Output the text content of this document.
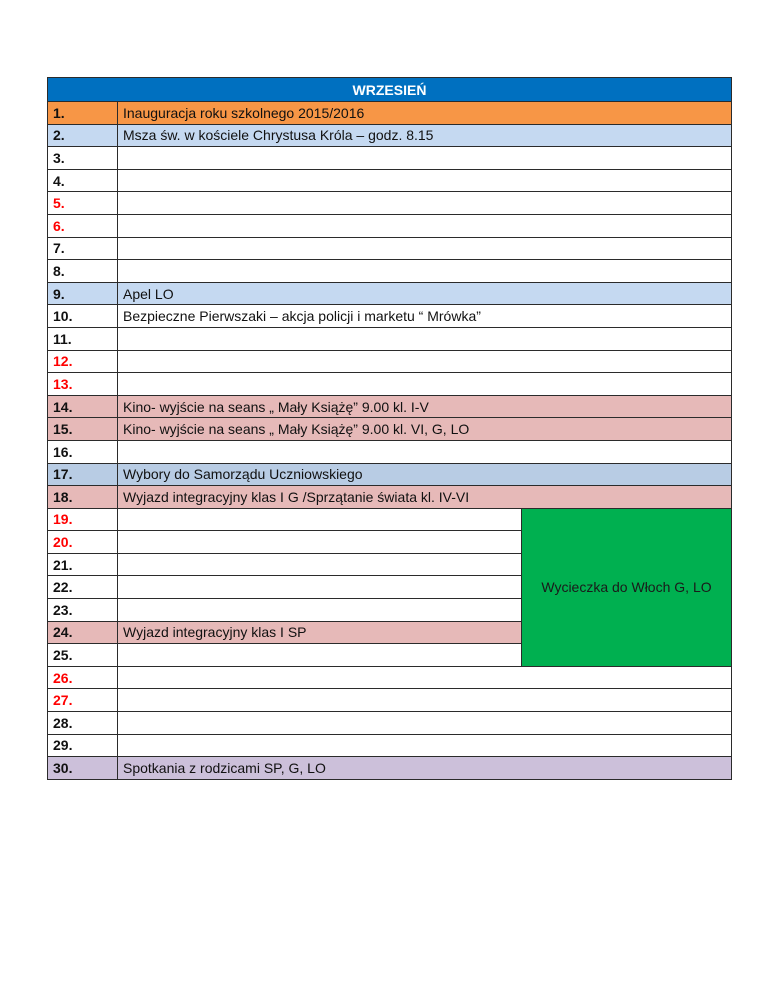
WRZESIEŃ		
1.	Inauguracja roku szkolnego 2015/2016	
2.	Msza św. w kościele Chrystusa Króla – godz. 8.15	
3.		
4.		
5.		
6.		
7.		
8.		
9.	Apel LO	
10.	Bezpieczne Pierwszaki – akcja policji i marketu “ Mrówka”	
11.		
12.		
13.		
14.	Kino- wyjście na seans „ Mały Książę” 9.00 kl. I-V	
15.	Kino- wyjście na seans „ Mały Książę” 9.00 kl. VI, G, LO	
16.		
17.	Wybory do Samorządu Uczniowskiego	
18.	Wyjazd integracyjny klas I G /Sprzątanie świata kl. IV-VI	
19.		Wycieczka do Włoch G, LO
20.		
21.		
22.		
23.		
24.	Wyjazd integracyjny klas I SP	
25.		
26.		
27.		
28.		
29.		
30.	Spotkania z rodzicami SP, G, LO	
